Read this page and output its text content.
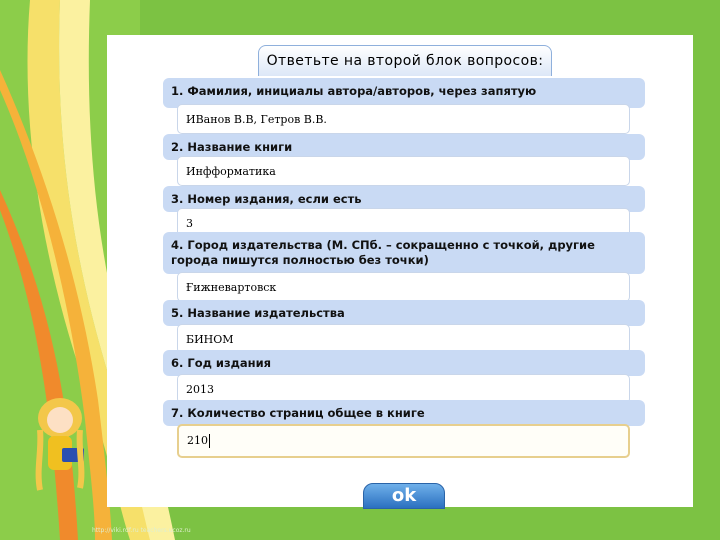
Ответьте на второй блок вопросов:
1. Фамилия, инициалы автора/авторов, через запятую
ИВанов В.В, Гетров В.В.
2. Название книги
Инфформатика
3. Номер издания, если есть
3
4. Город издательства (М. СПб. – сокращенно с точкой, другие города пишутся полностью без точки)
Ғижневартовск
5. Название издательства
БИНОМ
6. Год издания
2013
7. Количество страниц общее в книге
210
ok
http://viki.rdf.ru teachers.ucoz.ru
